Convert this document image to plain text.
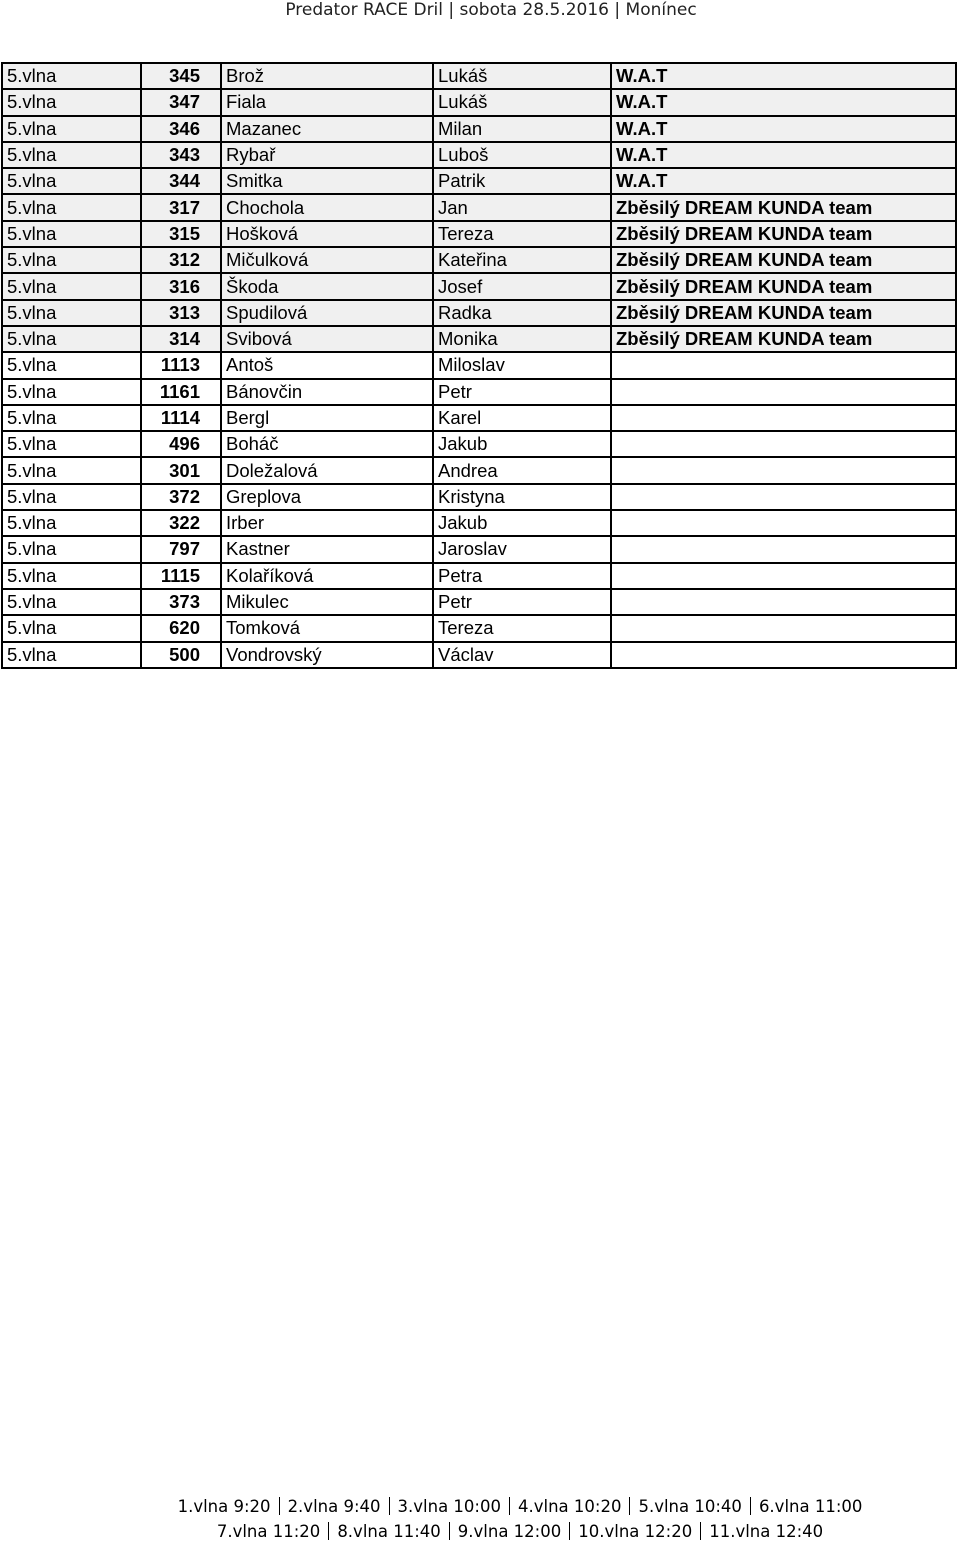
Predator RACE Dril | sobota 28.5.2016 | Monínec
5.vlna	345	Brož	Lukáš	W.A.T
5.vlna	347	Fiala	Lukáš	W.A.T
5.vlna	346	Mazanec	Milan	W.A.T
5.vlna	343	Rybař	Luboš	W.A.T
5.vlna	344	Smitka	Patrik	W.A.T
5.vlna	317	Chochola	Jan	Zběsilý DREAM KUNDA team
5.vlna	315	Hošková	Tereza	Zběsilý DREAM KUNDA team
5.vlna	312	Mičulková	Kateřina	Zběsilý DREAM KUNDA team
5.vlna	316	Škoda	Josef	Zběsilý DREAM KUNDA team
5.vlna	313	Spudilová	Radka	Zběsilý DREAM KUNDA team
5.vlna	314	Svibová	Monika	Zběsilý DREAM KUNDA team
5.vlna	1113	Antoš	Miloslav	
5.vlna	1161	Bánovčin	Petr	
5.vlna	1114	Bergl	Karel	
5.vlna	496	Boháč	Jakub	
5.vlna	301	Doležalová	Andrea	
5.vlna	372	Greplova	Kristyna	
5.vlna	322	Irber	Jakub	
5.vlna	797	Kastner	Jaroslav	
5.vlna	1115	Kolaříková	Petra	
5.vlna	373	Mikulec	Petr	
5.vlna	620	Tomková	Tereza	
5.vlna	500	Vondrovský	Václav	
1.vlna 9:20 2.vlna 9:40 3.vlna 10:00 4.vlna 10:20 5.vlna 10:40 6.vlna 11:00
7.vlna 11:20 8.vlna 11:40 9.vlna 12:00 10.vlna 12:20 11.vlna 12:40
